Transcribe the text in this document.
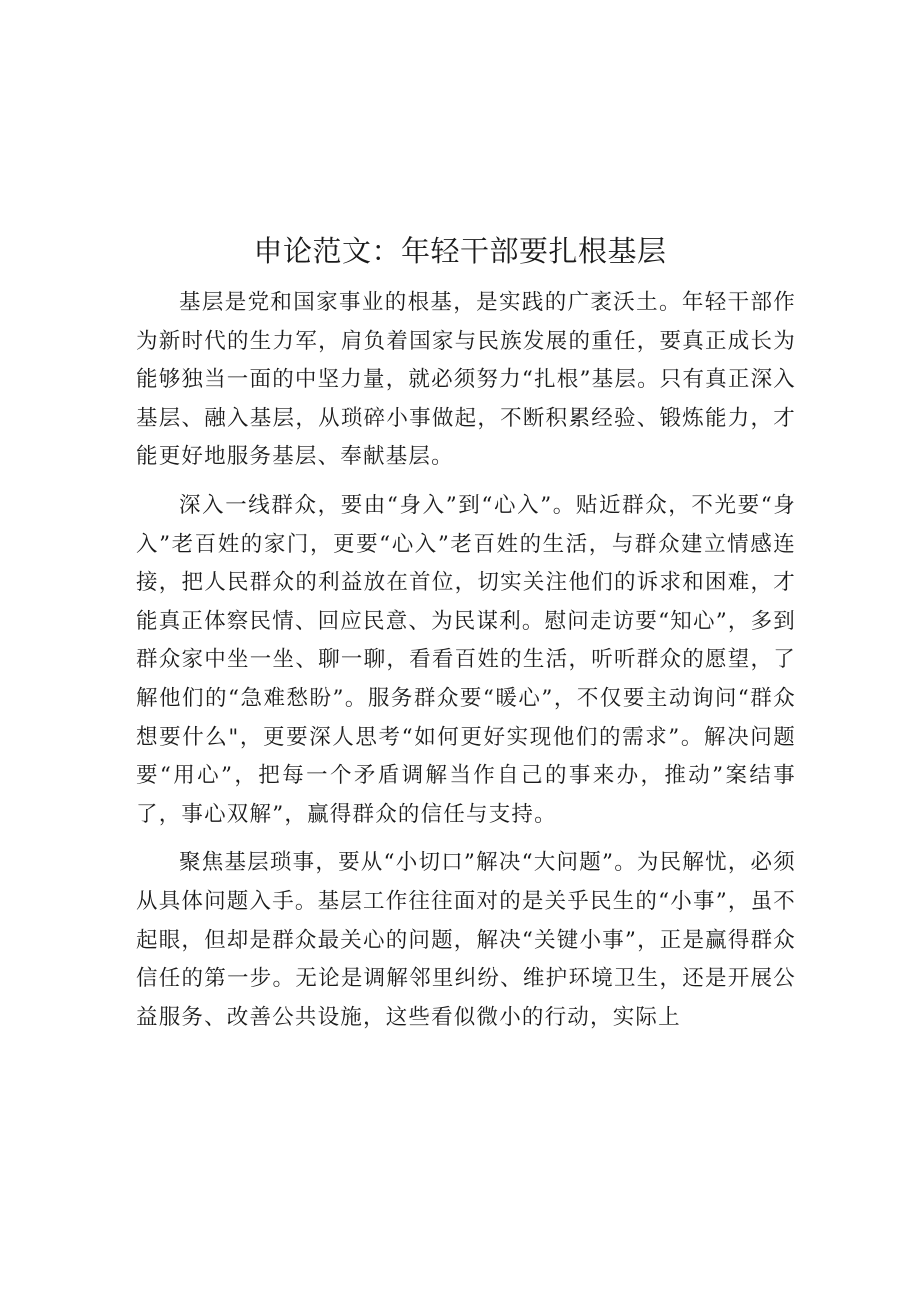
申论范文：年轻干部要扎根基层

基层是党和国家事业的根基，是实践的广袤沃土。年轻干部作为新时代的生力军，肩负着国家与民族发展的重任，要真正成长为能够独当一面的中坚力量，就必须努力“扎根”基层。只有真正深入基层、融入基层，从琐碎小事做起，不断积累经验、锻炼能力，才能更好地服务基层、奉献基层。

深入一线群众，要由“身入”到“心入”。贴近群众，不光要“身入”老百姓的家门，更要“心入”老百姓的生活，与群众建立情感连接，把人民群众的利益放在首位，切实关注他们的诉求和困难，才能真正体察民情、回应民意、为民谋利。慰问走访要“知心”，多到群众家中坐一坐、聊一聊，看看百姓的生活，听听群众的愿望，了解他们的“急难愁盼”。服务群众要“暖心”，不仅要主动询问“群众想要什么"，更要深人思考“如何更好实现他们的需求”。解决问题要“用心”，把每一个矛盾调解当作自己的事来办，推动”案结事了，事心双解”，赢得群众的信任与支持。

聚焦基层琐事，要从“小切口”解决“大问题”。为民解忧，必须从具体问题入手。基层工作往往面对的是关乎民生的“小事”，虽不起眼，但却是群众最关心的问题，解决“关键小事”，正是赢得群众信任的第一步。无论是调解邻里纠纷、维护环境卫生，还是开展公益服务、改善公共设施，这些看似微小的行动，实际上
